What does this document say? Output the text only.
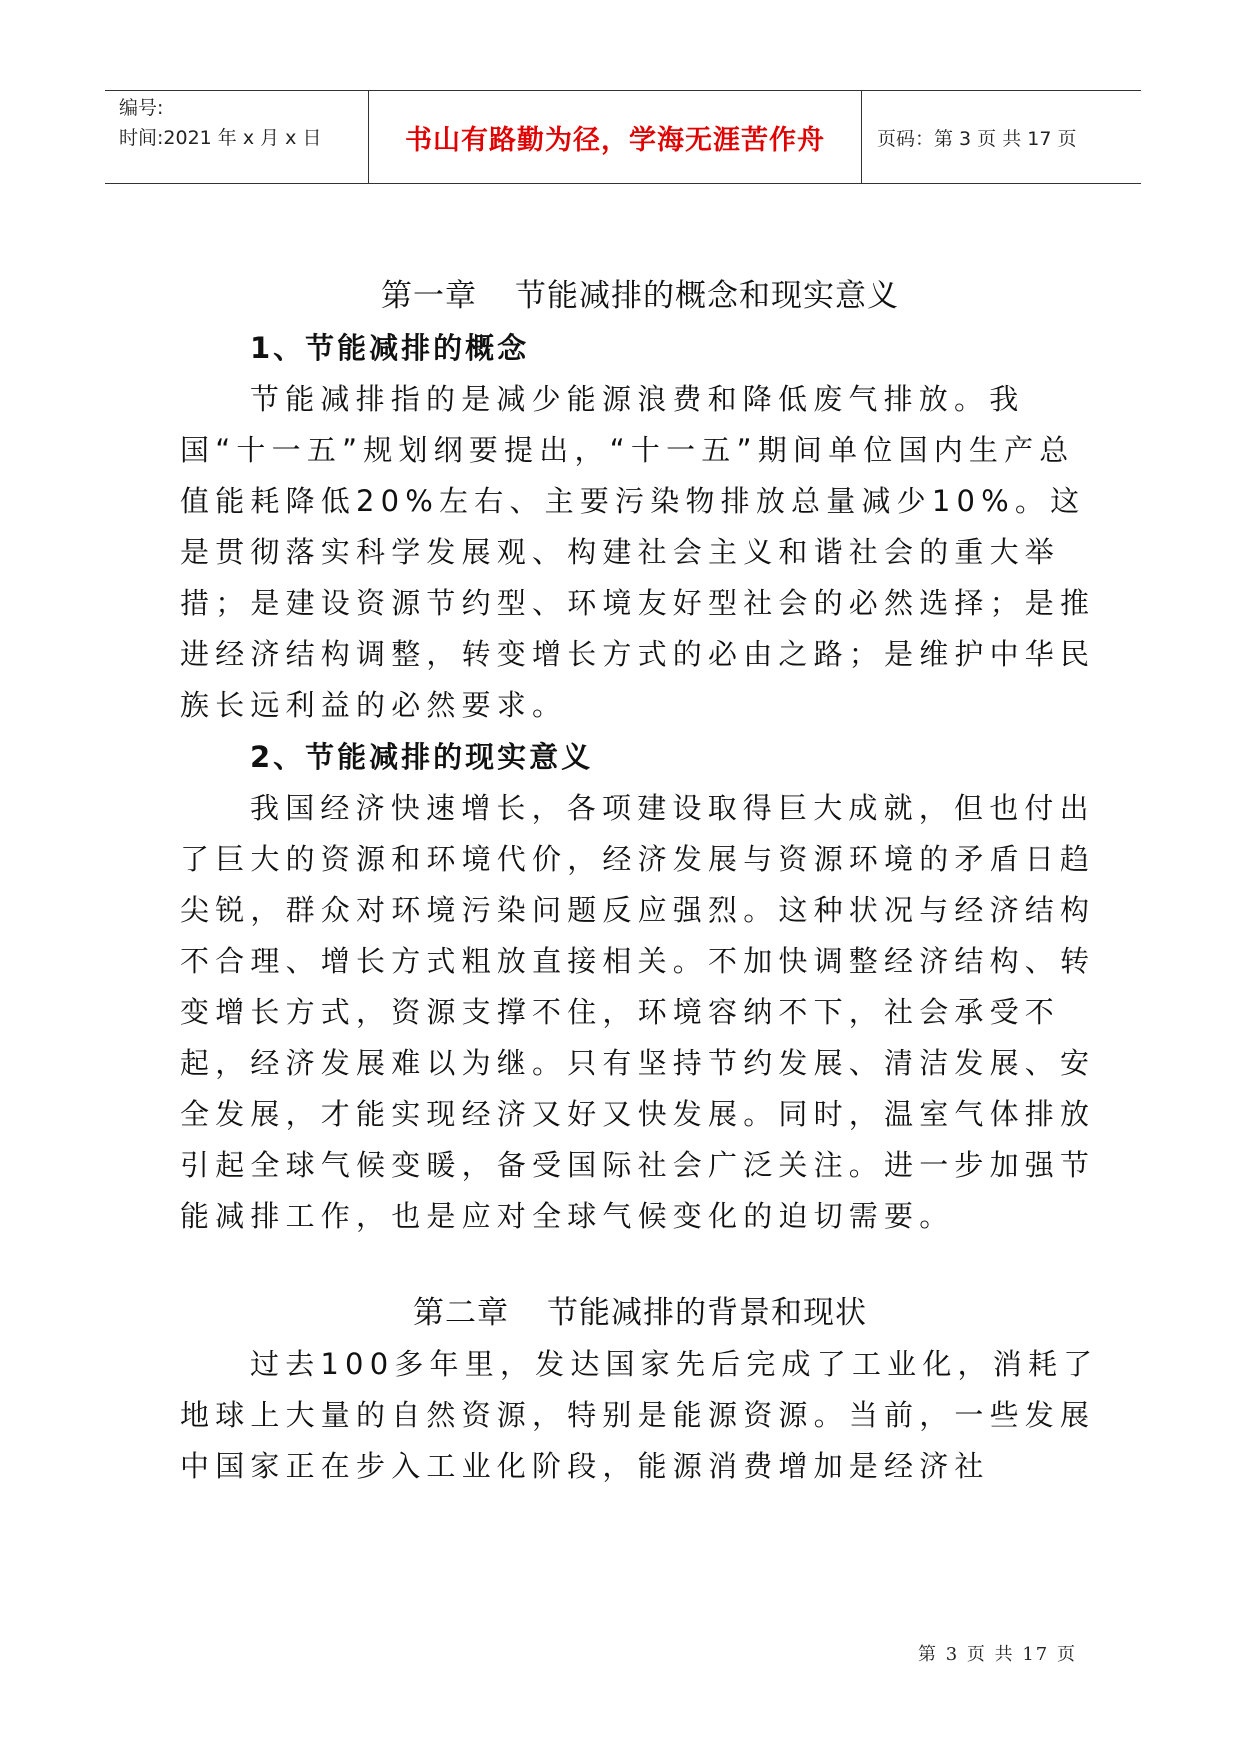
编号:
时间:2021 年 x 月 x 日	书山有路勤为径，学海无涯苦作舟	页码：第 3 页 共 17 页
第一章 节能减排的概念和现实意义
1、节能减排的概念

节能减排指的是减少能源浪费和降低废气排放。我国“十一五”规划纲要提出，“十一五”期间单位国内生产总值能耗降低20%左右、主要污染物排放总量减少10%。这是贯彻落实科学发展观、构建社会主义和谐社会的重大举措；是建设资源节约型、环境友好型社会的必然选择；是推进经济结构调整，转变增长方式的必由之路；是维护中华民族长远利益的必然要求。

2、节能减排的现实意义

我国经济快速增长，各项建设取得巨大成就，但也付出了巨大的资源和环境代价，经济发展与资源环境的矛盾日趋尖锐，群众对环境污染问题反应强烈。这种状况与经济结构不合理、增长方式粗放直接相关。不加快调整经济结构、转变增长方式，资源支撑不住，环境容纳不下，社会承受不起，经济发展难以为继。只有坚持节约发展、清洁发展、安全发展，才能实现经济又好又快发展。同时，温室气体排放引起全球气候变暖，备受国际社会广泛关注。进一步加强节能减排工作，也是应对全球气候变化的迫切需要。

第二章 节能减排的背景和现状

过去100多年里，发达国家先后完成了工业化，消耗了地球上大量的自然资源，特别是能源资源。当前，一些发展中国家正在步入工业化阶段，能源消费增加是经济社

第 3 页 共 17 页
